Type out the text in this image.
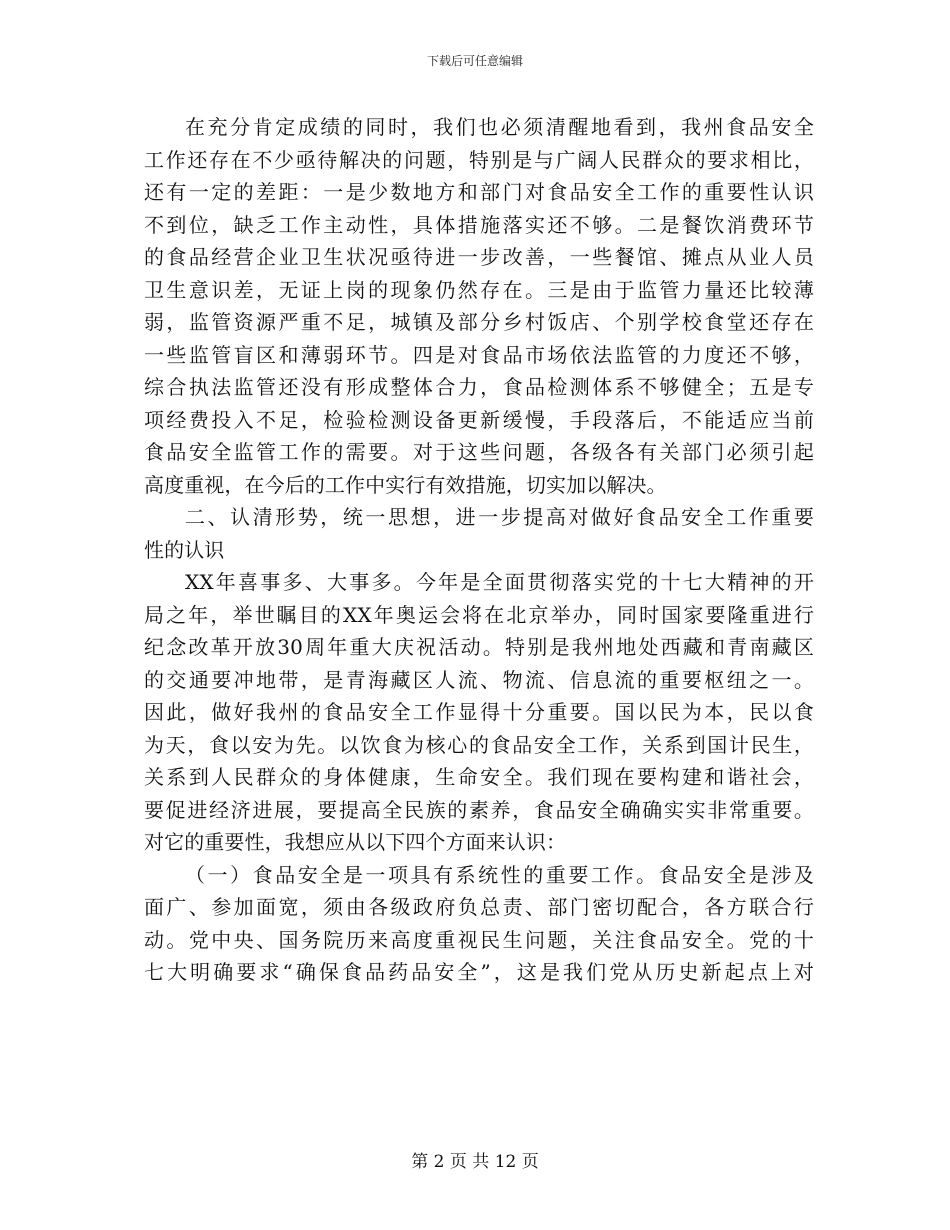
下载后可任意编辑
在充分肯定成绩的同时，我们也必须清醒地看到，我州食品安全
工作还存在不少亟待解决的问题，特别是与广阔人民群众的要求相比，
还有一定的差距：一是少数地方和部门对食品安全工作的重要性认识
不到位，缺乏工作主动性，具体措施落实还不够。二是餐饮消费环节
的食品经营企业卫生状况亟待进一步改善，一些餐馆、摊点从业人员
卫生意识差，无证上岗的现象仍然存在。三是由于监管力量还比较薄
弱，监管资源严重不足，城镇及部分乡村饭店、个别学校食堂还存在
一些监管盲区和薄弱环节。四是对食品市场依法监管的力度还不够，
综合执法监管还没有形成整体合力，食品检测体系不够健全；五是专
项经费投入不足，检验检测设备更新缓慢，手段落后，不能适应当前
食品安全监管工作的需要。对于这些问题，各级各有关部门必须引起
高度重视，在今后的工作中实行有效措施，切实加以解决。
二、认清形势，统一思想，进一步提高对做好食品安全工作重要
性的认识
XX年喜事多、大事多。今年是全面贯彻落实党的十七大精神的开
局之年，举世瞩目的XX年奥运会将在北京举办，同时国家要隆重进行
纪念改革开放30周年重大庆祝活动。特别是我州地处西藏和青南藏区
的交通要冲地带，是青海藏区人流、物流、信息流的重要枢纽之一。
因此，做好我州的食品安全工作显得十分重要。国以民为本，民以食
为天，食以安为先。以饮食为核心的食品安全工作，关系到国计民生，
关系到人民群众的身体健康，生命安全。我们现在要构建和谐社会，
要促进经济进展，要提高全民族的素养，食品安全确确实实非常重要。
对它的重要性，我想应从以下四个方面来认识：
（一）食品安全是一项具有系统性的重要工作。食品安全是涉及
面广、参加面宽，须由各级政府负总责、部门密切配合，各方联合行
动。党中央、国务院历来高度重视民生问题，关注食品安全。党的十
七大明确要求“确保食品药品安全”，这是我们党从历史新起点上对
第 2 页 共 12 页
